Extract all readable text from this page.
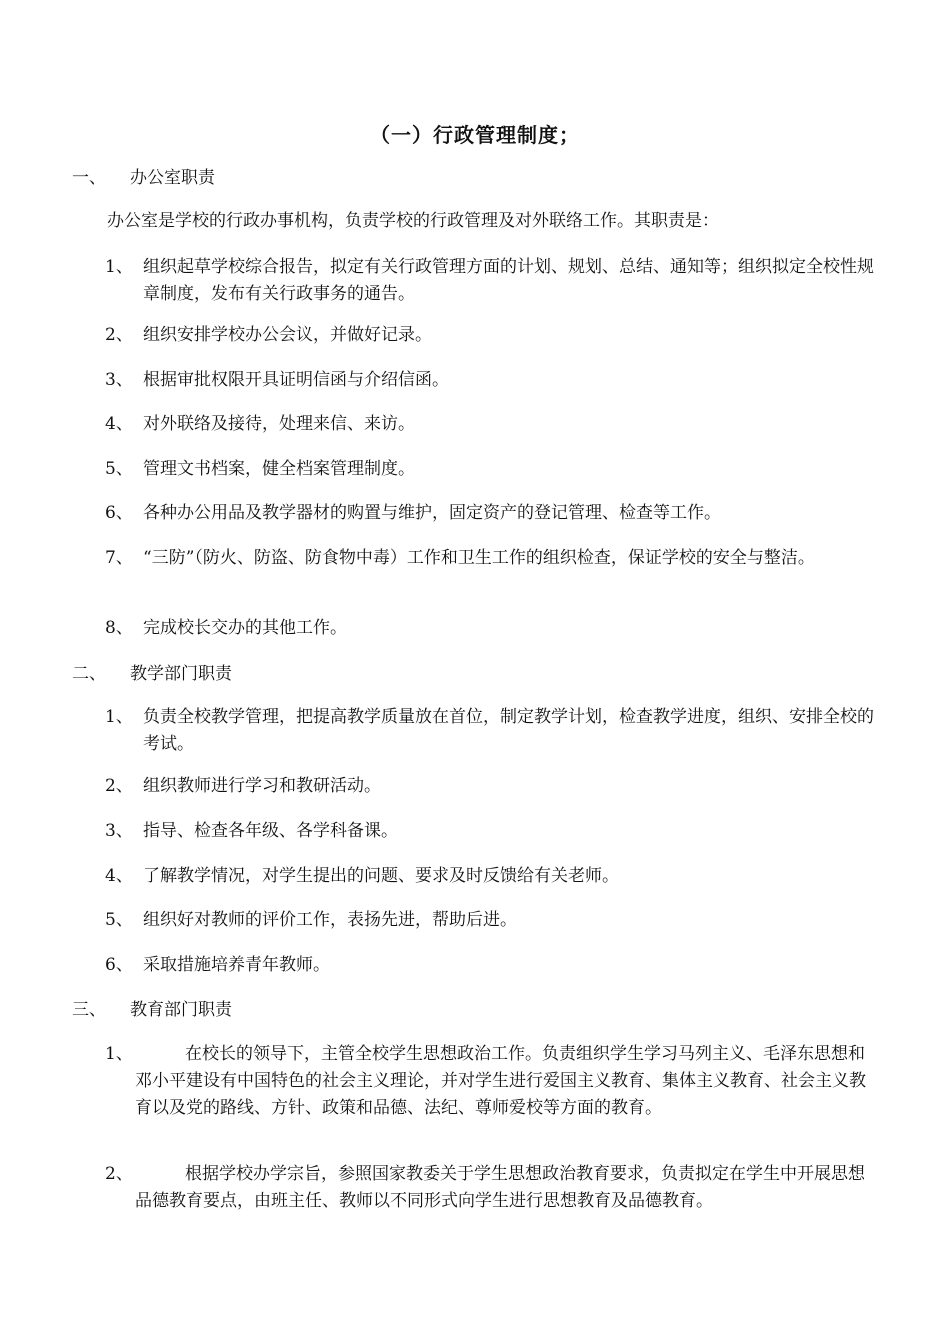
（一）行政管理制度；
一、 办公室职责
办公室是学校的行政办事机构，负责学校的行政管理及对外联络工作。其职责是：
1、 组织起草学校综合报告，拟定有关行政管理方面的计划、规划、总结、通知等；组织拟定全校性规章制度，发布有关行政事务的通告。
2、 组织安排学校办公会议，并做好记录。
3、 根据审批权限开具证明信函与介绍信函。
4、 对外联络及接待，处理来信、来访。
5、 管理文书档案，健全档案管理制度。
6、 各种办公用品及教学器材的购置与维护，固定资产的登记管理、检查等工作。
7、 “三防”（防火、防盗、防食物中毒）工作和卫生工作的组织检查，保证学校的安全与整洁。
8、 完成校长交办的其他工作。
二、 教学部门职责
1、 负责全校教学管理，把提高教学质量放在首位，制定教学计划，检查教学进度，组织、安排全校的考试。
2、 组织教师进行学习和教研活动。
3、 指导、检查各年级、各学科备课。
4、 了解教学情况，对学生提出的问题、要求及时反馈给有关老师。
5、 组织好对教师的评价工作，表扬先进，帮助后进。
6、 采取措施培养青年教师。
三、 教育部门职责
1、	在校长的领导下，主管全校学生思想政治工作。负责组织学生学习马列主义、毛泽东思想和邓小平建设有中国特色的社会主义理论，并对学生进行爱国主义教育、集体主义教育、社会主义教育以及党的路线、方针、政策和品德、法纪、尊师爱校等方面的教育。
2、	根据学校办学宗旨，参照国家教委关于学生思想政治教育要求，负责拟定在学生中开展思想品德教育要点，由班主任、教师以不同形式向学生进行思想教育及品德教育。
